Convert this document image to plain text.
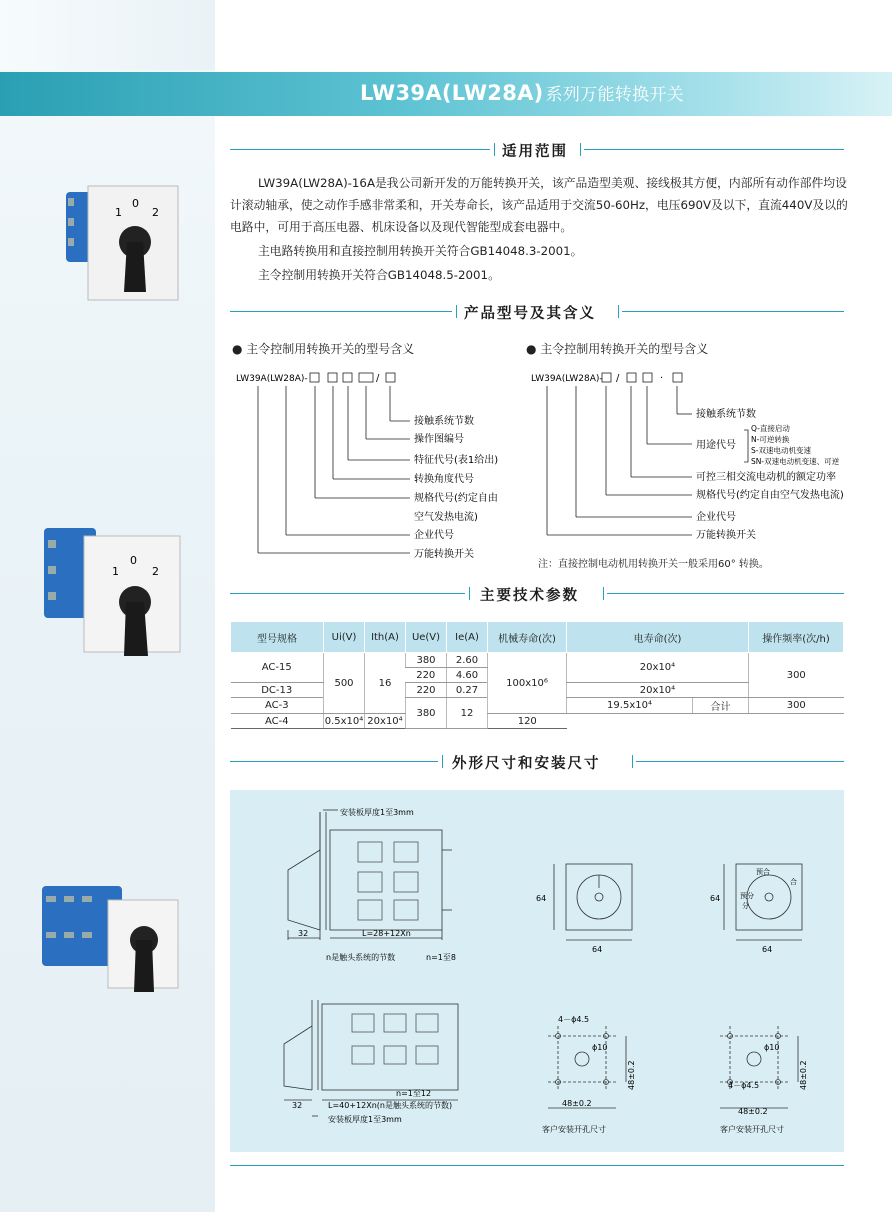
LW39A(LW28A) 系列万能转换开关
1
0
2
1
0
2
适用范围

LW39A(LW28A)-16A是我公司新开发的万能转换开关，该产品造型美观、接线极其方便，内部所有动作部件均设计滚动轴承，使之动作手感非常柔和，开关寿命长，该产品适用于交流50-60Hz，电压690V及以下，直流440V及以的电路中，可用于高压电器、机床设备以及现代智能型成套电器中。

主电路转换用和直接控制用转换开关符合GB14048.3-2001。

主令控制用转换开关符合GB14048.5-2001。

产品型号及其含义
● 主令控制用转换开关的型号含义	● 主令控制用转换开关的型号含义
LW39A(LW28A)-	/
接触系统节数
操作图编号
特征代号(表1给出)
转换角度代号
规格代号(约定自由
空气发热电流)
企业代号
万能转换开关
LW39A(LW28A)- /	·
接触系统节数
用途代号
Q-直接启动
N-可逆转换
S-双速电动机变速
SN-双速电动机变速、可逆
可控三相交流电动机的额定功率
规格代号(约定自由空气发热电流)
企业代号
万能转换开关
注：直接控制电动机用转换开关一般采用60° 转换。
主要技术参数
型号规格	Ui(V)	Ith(A)	Ue(V)	Ie(A)	机械寿命(次)	电寿命(次)		操作频率(次/h)
AC-15	500	16	380	2.60	100x10⁶	20x10⁴		300
			220	4.60				
DC-13			220	0.27		20x10⁴		
AC-3			380	12		19.5x10⁴	合计	300
AC-4	0.5x10⁴	20x10⁴			120			
外形尺寸和安装尺寸
安装板厚度1至3mm
32	L=28+12Xn
n是触头系统的节数	n=1至8
64
64
64
64
预合
合
预分
分
n=1至12
32	L=40+12Xn(n是触头系统的节数)
安装板厚度1至3mm
4－ϕ4.5
ϕ10
48±0.2
48±0.2
客户安装开孔尺寸
ϕ10
4－ϕ4.5
48±0.2
48±0.2
客户安装开孔尺寸
